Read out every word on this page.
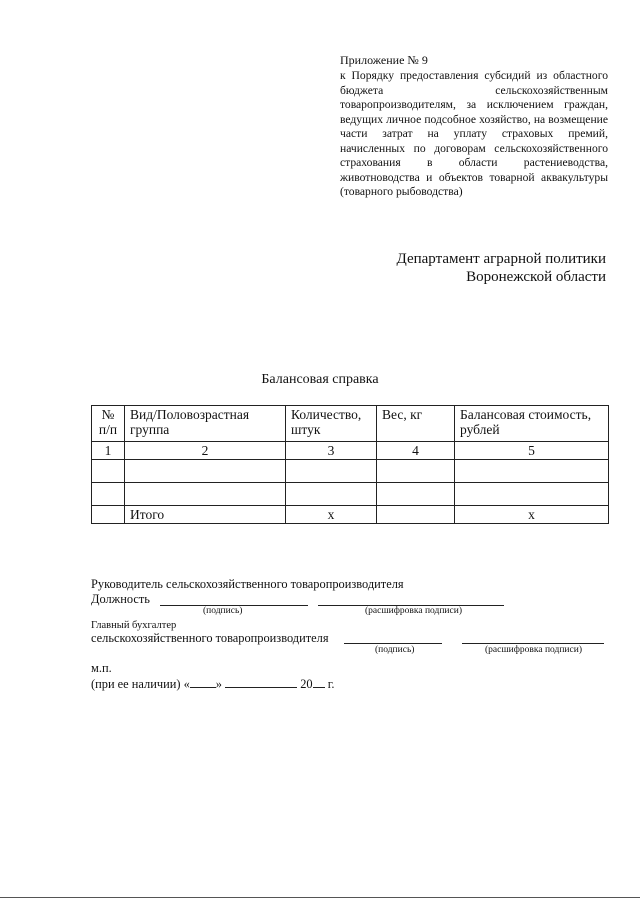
Приложение № 9
к Порядку предоставления субсидий из областного бюджета сельскохозяйственным товаропроизводителям, за исключением граждан, ведущих личное подсобное хозяйство, на возмещение части затрат на уплату страховых премий, начисленных по договорам сельскохозяйственного страхования в области растениеводства, животноводства и объектов товарной аквакультуры (товарного рыбоводства)
Департамент аграрной политики
Воронежской области
Балансовая справка
№ п/п	Вид/Половозрастная группа	Количество, штук	Вес, кг	Балансовая стоимость, рублей
1	2	3	4	5

	Итого	х		х
Руководитель сельскохозяйственного товаропроизводителя
Должность
(подпись)	(расшифровка подписи)
Главный бухгалтер
сельскохозяйственного товаропроизводителя
(подпись)	(расшифровка подписи)
м.п.
(при ее наличии) « »	20 г.
